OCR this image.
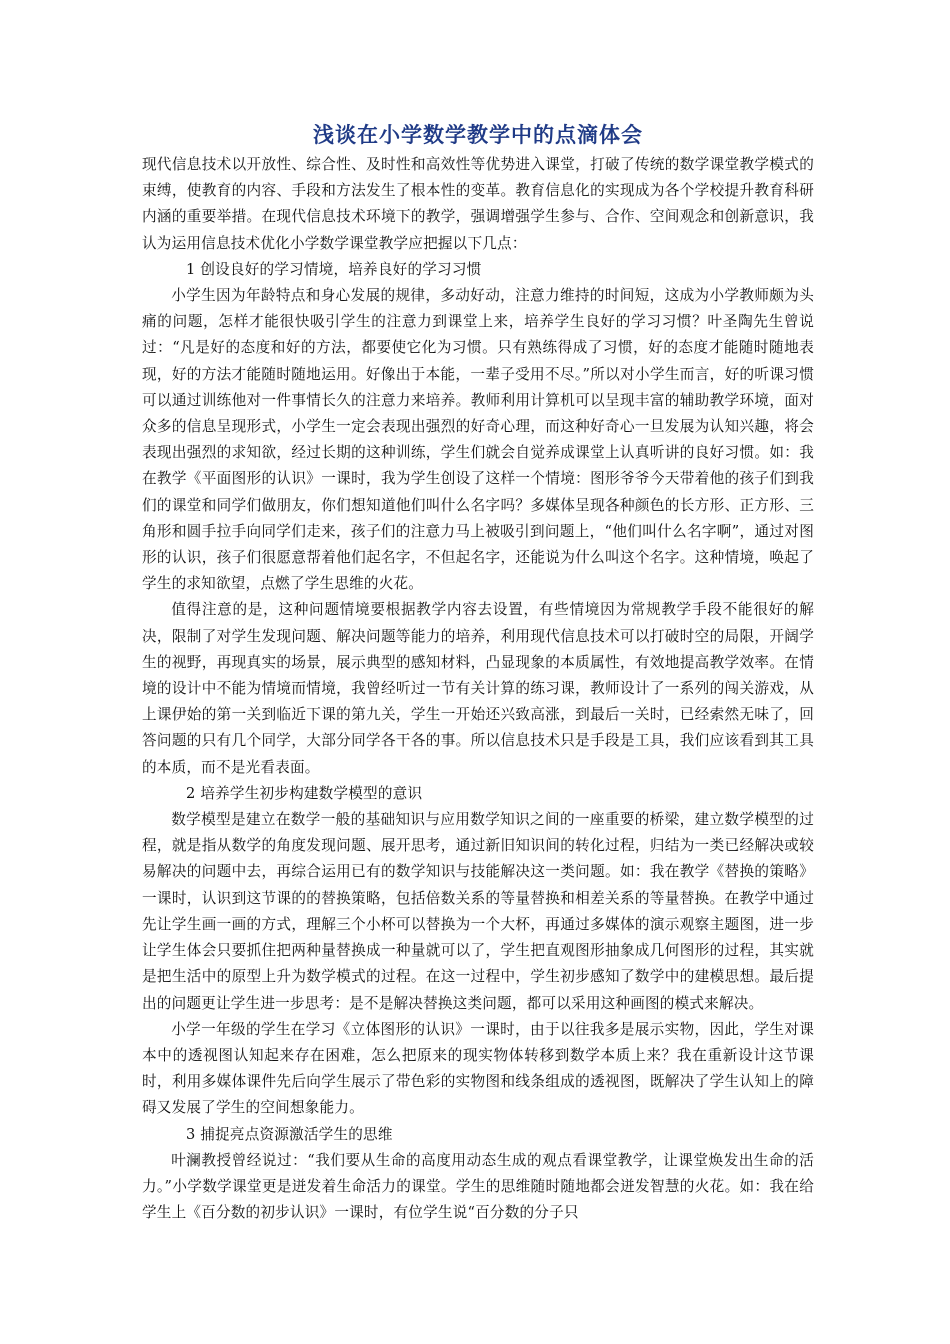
浅谈在小学数学教学中的点滴体会

现代信息技术以开放性、综合性、及时性和高效性等优势进入课堂，打破了传统的数学课堂教学模式的束缚，使教育的内容、手段和方法发生了根本性的变革。教育信息化的实现成为各个学校提升教育科研内涵的重要举措。在现代信息技术环境下的教学，强调增强学生参与、合作、空间观念和创新意识，我认为运用信息技术优化小学数学课堂教学应把握以下几点：

1 创设良好的学习情境，培养良好的学习习惯

小学生因为年龄特点和身心发展的规律，多动好动，注意力维持的时间短，这成为小学教师颇为头痛的问题，怎样才能很快吸引学生的注意力到课堂上来，培养学生良好的学习习惯？叶圣陶先生曾说过：“凡是好的态度和好的方法，都要使它化为习惯。只有熟练得成了习惯，好的态度才能随时随地表现，好的方法才能随时随地运用。好像出于本能，一辈子受用不尽。”所以对小学生而言，好的听课习惯可以通过训练他对一件事情长久的注意力来培养。教师利用计算机可以呈现丰富的辅助教学环境，面对众多的信息呈现形式，小学生一定会表现出强烈的好奇心理，而这种好奇心一旦发展为认知兴趣，将会表现出强烈的求知欲，经过长期的这种训练，学生们就会自觉养成课堂上认真听讲的良好习惯。如：我在教学《平面图形的认识》一课时，我为学生创设了这样一个情境：图形爷爷今天带着他的孩子们到我们的课堂和同学们做朋友，你们想知道他们叫什么名字吗？多媒体呈现各种颜色的长方形、正方形、三角形和圆手拉手向同学们走来，孩子们的注意力马上被吸引到问题上，“他们叫什么名字啊”，通过对图形的认识，孩子们很愿意帮着他们起名字，不但起名字，还能说为什么叫这个名字。这种情境，唤起了学生的求知欲望，点燃了学生思维的火花。

值得注意的是，这种问题情境要根据教学内容去设置，有些情境因为常规教学手段不能很好的解决，限制了对学生发现问题、解决问题等能力的培养，利用现代信息技术可以打破时空的局限，开阔学生的视野，再现真实的场景，展示典型的感知材料，凸显现象的本质属性，有效地提高教学效率。在情境的设计中不能为情境而情境，我曾经听过一节有关计算的练习课，教师设计了一系列的闯关游戏，从上课伊始的第一关到临近下课的第九关，学生一开始还兴致高涨，到最后一关时，已经索然无味了，回答问题的只有几个同学，大部分同学各干各的事。所以信息技术只是手段是工具，我们应该看到其工具的本质，而不是光看表面。

2 培养学生初步构建数学模型的意识

数学模型是建立在数学一般的基础知识与应用数学知识之间的一座重要的桥梁，建立数学模型的过程，就是指从数学的角度发现问题、展开思考，通过新旧知识间的转化过程，归结为一类已经解决或较易解决的问题中去，再综合运用已有的数学知识与技能解决这一类问题。如：我在教学《替换的策略》一课时，认识到这节课的的替换策略，包括倍数关系的等量替换和相差关系的等量替换。在教学中通过先让学生画一画的方式，理解三个小杯可以替换为一个大杯，再通过多媒体的演示观察主题图，进一步让学生体会只要抓住把两种量替换成一种量就可以了，学生把直观图形抽象成几何图形的过程，其实就是把生活中的原型上升为数学模式的过程。在这一过程中，学生初步感知了数学中的建模思想。最后提出的问题更让学生进一步思考：是不是解决替换这类问题，都可以采用这种画图的模式来解决。

小学一年级的学生在学习《立体图形的认识》一课时，由于以往我多是展示实物，因此，学生对课本中的透视图认知起来存在困难，怎么把原来的现实物体转移到数学本质上来？我在重新设计这节课时，利用多媒体课件先后向学生展示了带色彩的实物图和线条组成的透视图，既解决了学生认知上的障碍又发展了学生的空间想象能力。

3 捕捉亮点资源激活学生的思维

叶澜教授曾经说过：“我们要从生命的高度用动态生成的观点看课堂教学，让课堂焕发出生命的活力。”小学数学课堂更是迸发着生命活力的课堂。学生的思维随时随地都会迸发智慧的火花。如：我在给学生上《百分数的初步认识》一课时，有位学生说“百分数的分子只
